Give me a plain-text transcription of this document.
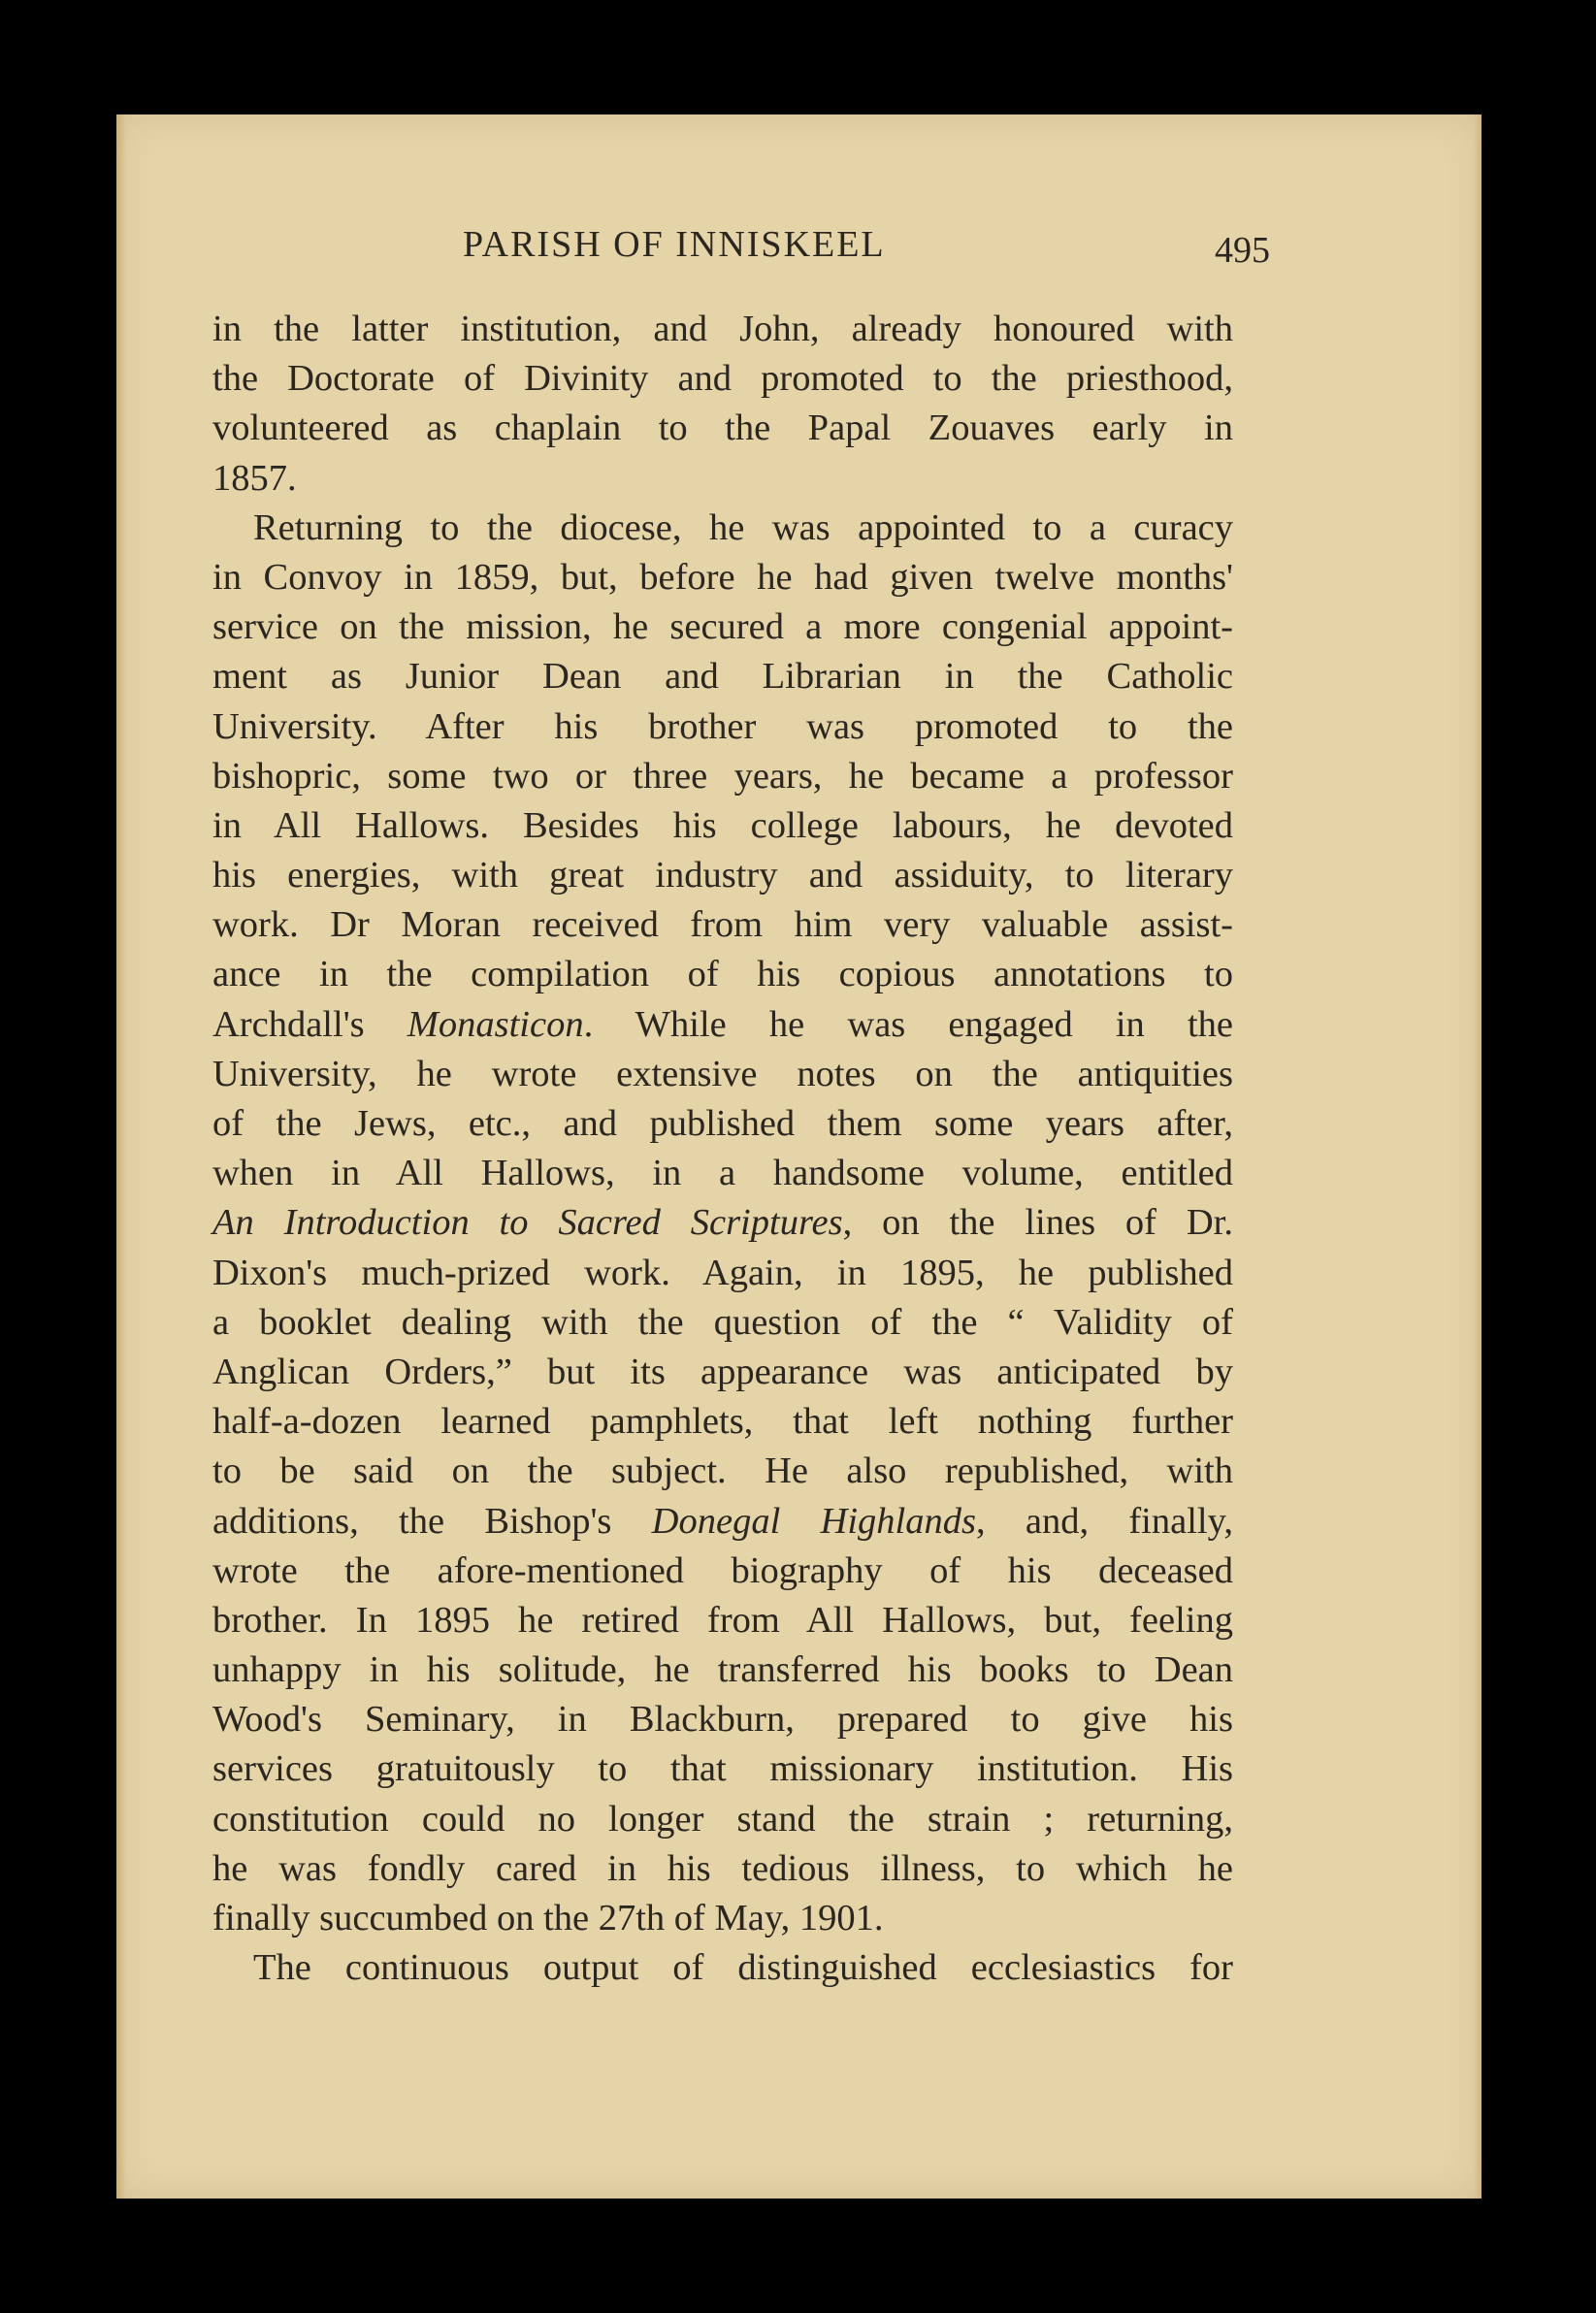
PARISH OF INNISKEEL	495
in the latter institution, and John, already honoured with
the Doctorate of Divinity and promoted to the priesthood,
volunteered as chaplain to the Papal Zouaves early in
1857.
Returning to the diocese, he was appointed to a curacy
in Convoy in 1859, but, before he had given twelve months'
service on the mission, he secured a more congenial appoint-
ment as Junior Dean and Librarian in the Catholic
University. After his brother was promoted to the
bishopric, some two or three years, he became a professor
in All Hallows. Besides his college labours, he devoted
his energies, with great industry and assiduity, to literary
work. Dr Moran received from him very valuable assist-
ance in the compilation of his copious annotations to
Archdall's Monasticon. While he was engaged in the
University, he wrote extensive notes on the antiquities
of the Jews, etc., and published them some years after,
when in All Hallows, in a handsome volume, entitled
An Introduction to Sacred Scriptures, on the lines of Dr.
Dixon's much-prized work. Again, in 1895, he published
a booklet dealing with the question of the “ Validity of
Anglican Orders,” but its appearance was anticipated by
half-a-dozen learned pamphlets, that left nothing further
to be said on the subject. He also republished, with
additions, the Bishop's Donegal Highlands, and, finally,
wrote the afore-mentioned biography of his deceased
brother. In 1895 he retired from All Hallows, but, feeling
unhappy in his solitude, he transferred his books to Dean
Wood's Seminary, in Blackburn, prepared to give his
services gratuitously to that missionary institution. His
constitution could no longer stand the strain ; returning,
he was fondly cared in his tedious illness, to which he
finally succumbed on the 27th of May, 1901.
The continuous output of distinguished ecclesiastics for
